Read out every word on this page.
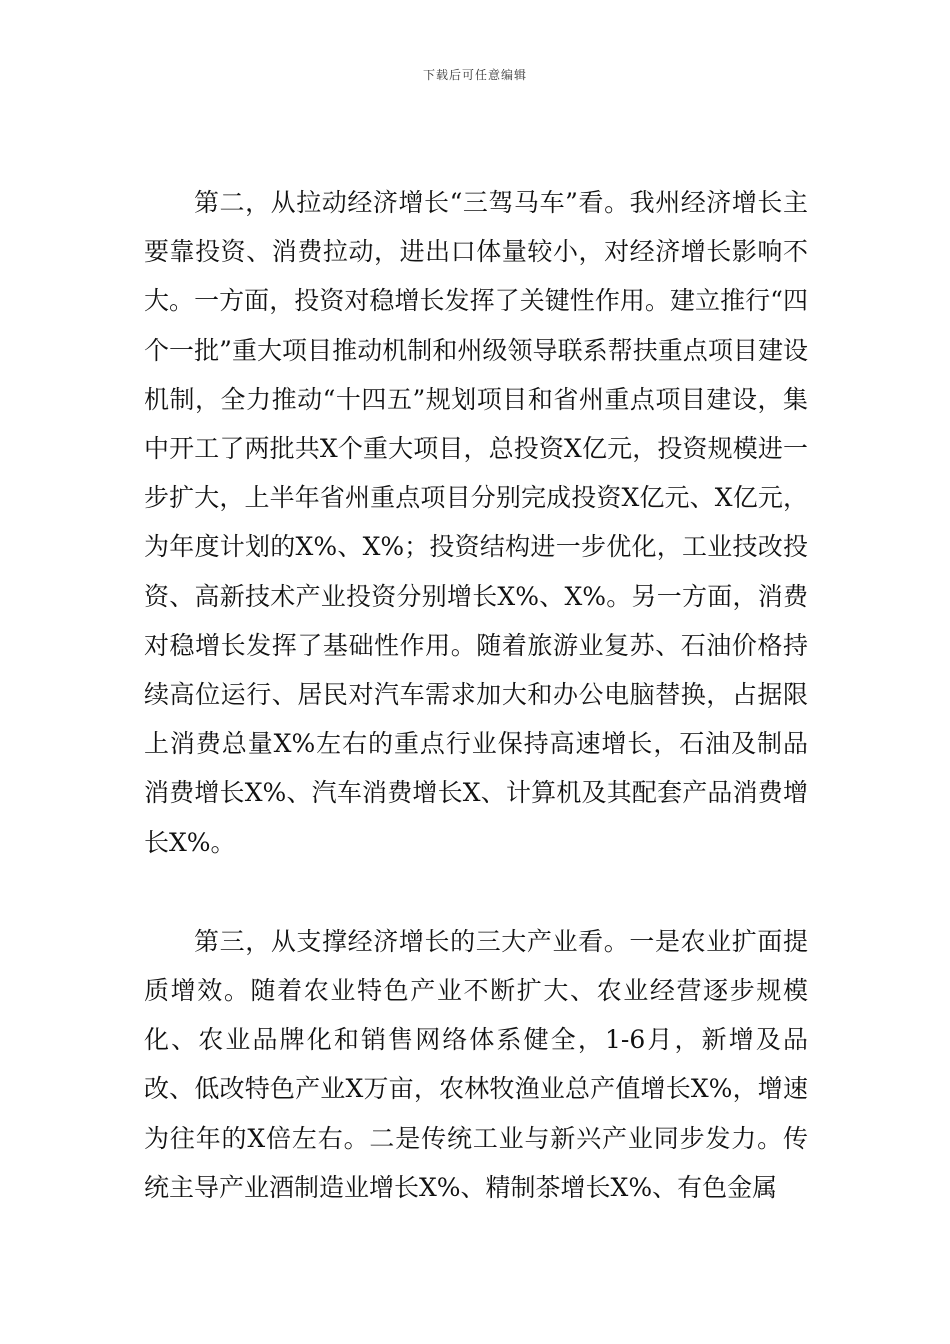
下载后可任意编辑

第二，从拉动经济增长“三驾马车”看。我州经济增长主要靠投资、消费拉动，进出口体量较小，对经济增长影响不大。一方面，投资对稳增长发挥了关键性作用。建立推行“四个一批”重大项目推动机制和州级领导联系帮扶重点项目建设机制，全力推动“十四五”规划项目和省州重点项目建设，集中开工了两批共X个重大项目，总投资X亿元，投资规模进一步扩大，上半年省州重点项目分别完成投资X亿元、X亿元，为年度计划的X%、X%；投资结构进一步优化，工业技改投资、高新技术产业投资分别增长X%、X%。另一方面，消费对稳增长发挥了基础性作用。随着旅游业复苏、石油价格持续高位运行、居民对汽车需求加大和办公电脑替换，占据限上消费总量X%左右的重点行业保持高速增长，石油及制品消费增长X%、汽车消费增长X、计算机及其配套产品消费增长X%。

第三，从支撑经济增长的三大产业看。一是农业扩面提质增效。随着农业特色产业不断扩大、农业经营逐步规模化、农业品牌化和销售网络体系健全，1-6月，新增及品改、低改特色产业X万亩，农林牧渔业总产值增长X%，增速为往年的X倍左右。二是传统工业与新兴产业同步发力。传统主导产业酒制造业增长X%、精制茶增长X%、有色金属
